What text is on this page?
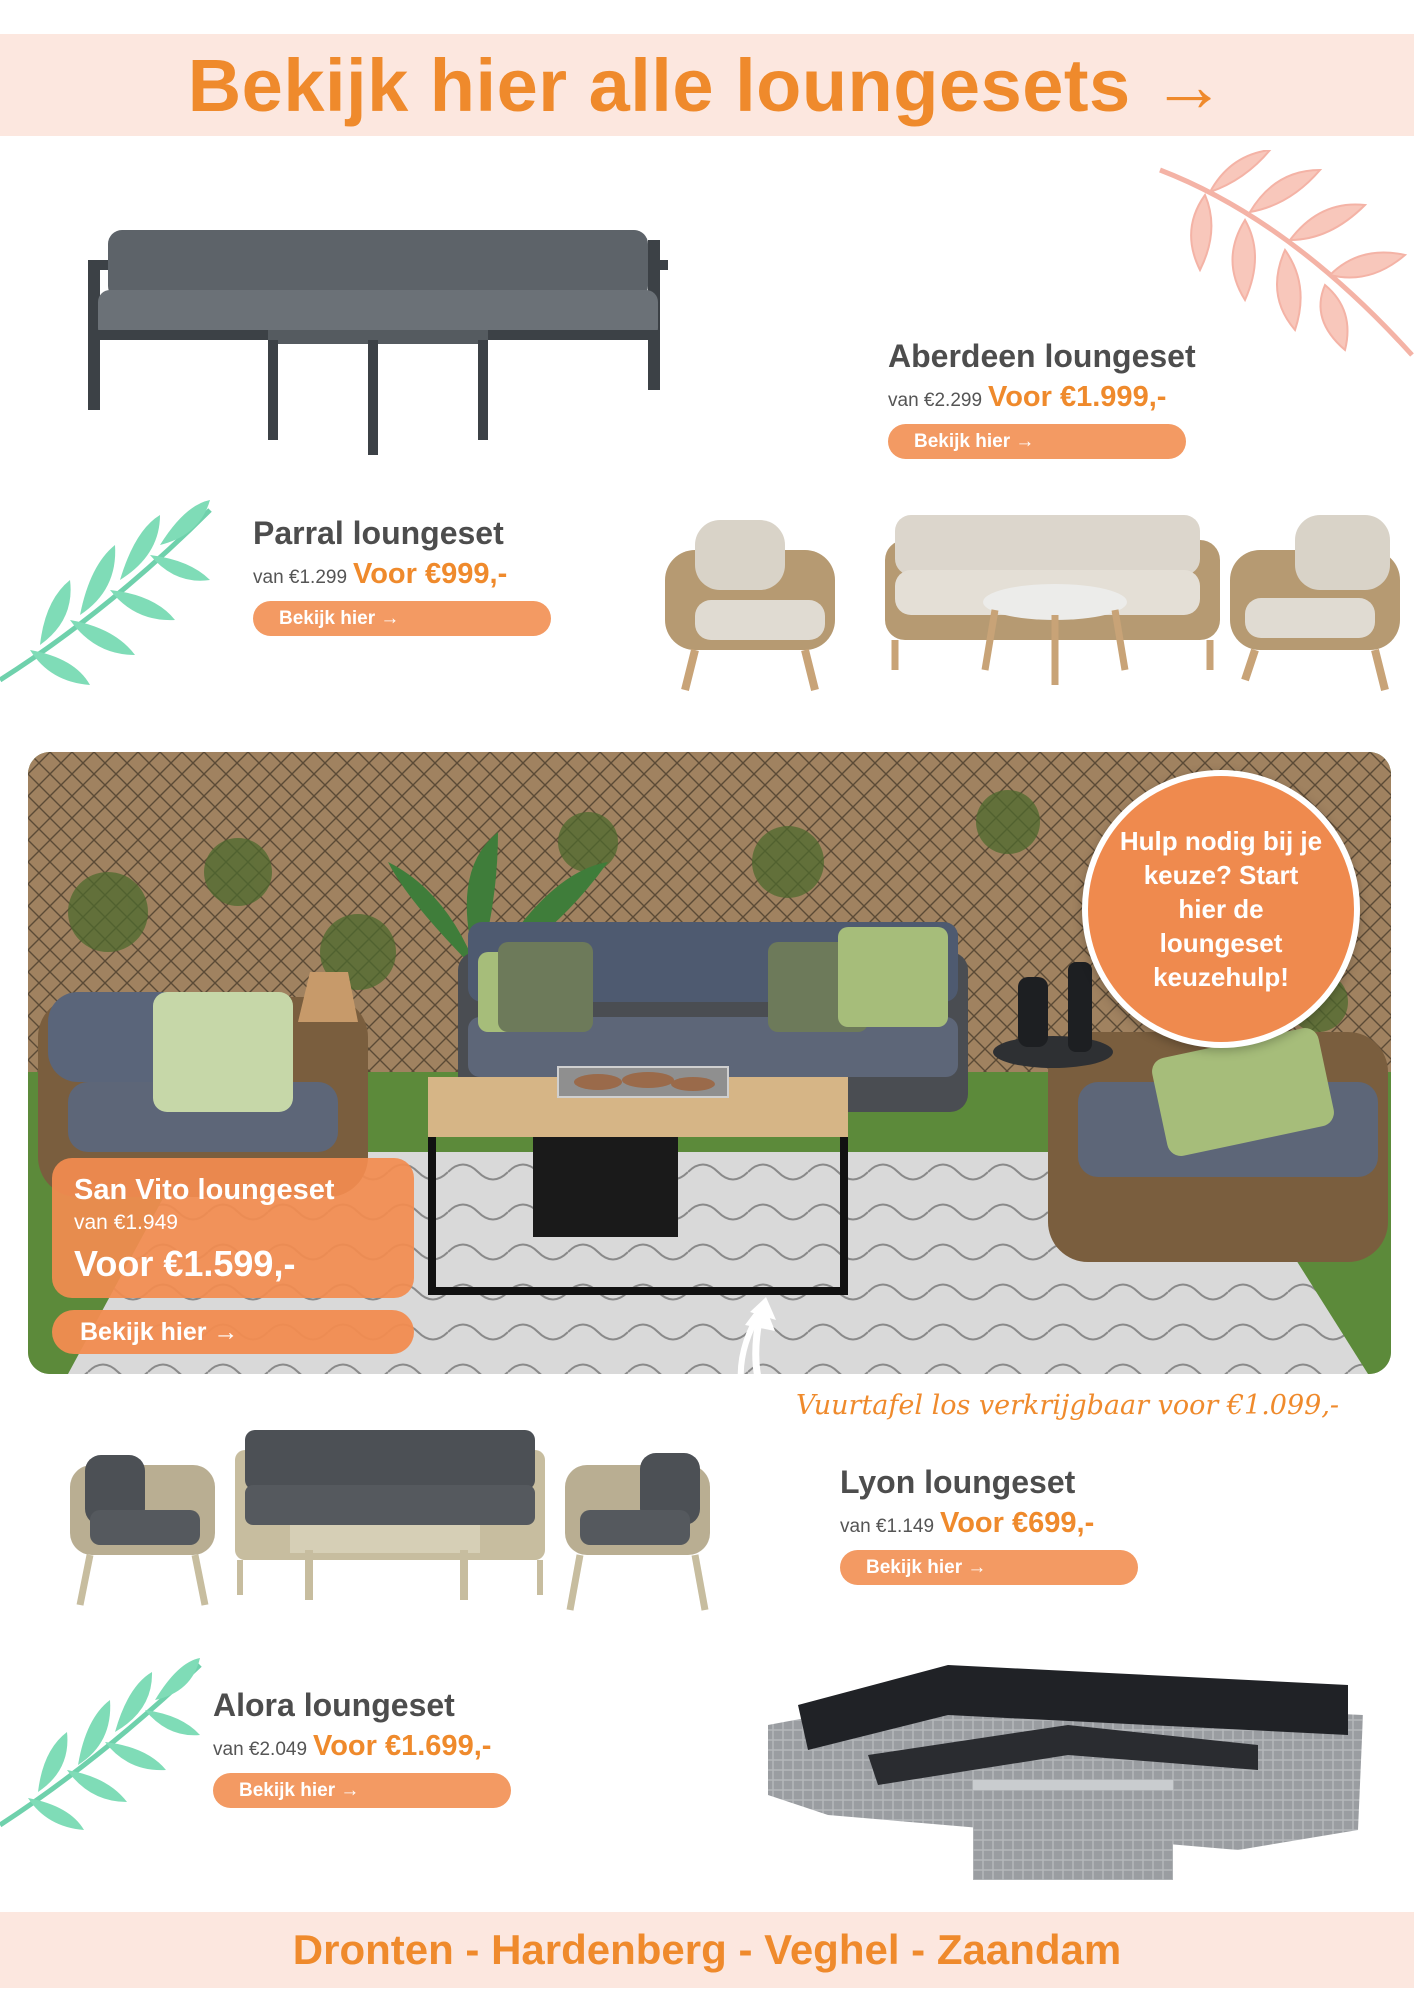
Bekijk hier alle loungesets →
Aberdeen loungeset
van €2.299 Voor €1.999,-
Bekijk hier →
Parral loungeset
van €1.299 Voor €999,-
Bekijk hier →
Hulp nodig bij je keuze? Start hier de loungeset keuzehulp!
San Vito loungeset
van €1.949
Voor €1.599,-
Bekijk hier →
Vuurtafel los verkrijgbaar voor €1.099,-
Lyon loungeset
van €1.149 Voor €699,-
Bekijk hier →
Alora loungeset
van €2.049 Voor €1.699,-
Bekijk hier →
Dronten - Hardenberg - Veghel - Zaandam
